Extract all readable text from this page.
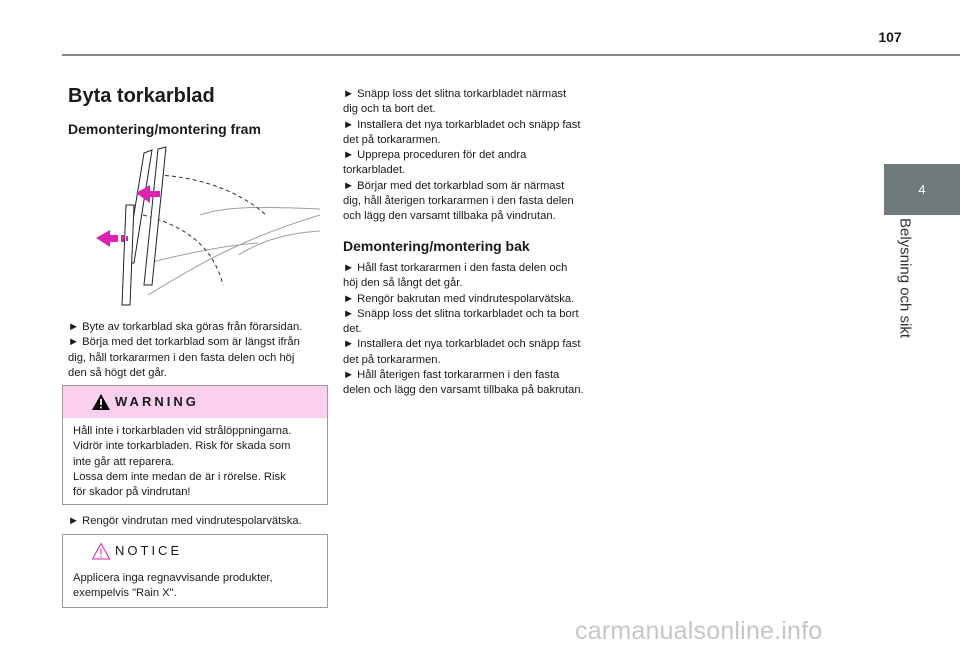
107
4
Belysning och sikt
Byta torkarblad
Demontering/montering fram
► Byte av torkarblad ska göras från förarsidan.
► Börja med det torkarblad som är längst ifrån
dig, håll torkararmen i den fasta delen och höj
den så högt det går.
WARNING
Håll inte i torkarbladen vid strålöppningarna.
Vidrör inte torkarbladen. Risk för skada som
inte går att reparera.
Lossa dem inte medan de är i rörelse. Risk
för skador på vindrutan!
► Rengör vindrutan med vindrutespolarvätska.
NOTICE
Applicera inga regnavvisande produkter,
exempelvis "Rain X".
► Snäpp loss det slitna torkarbladet närmast
dig och ta bort det.
► Installera det nya torkarbladet och snäpp fast
det på torkararmen.
► Upprepa proceduren för det andra
torkarbladet.
► Börjar med det torkarblad som är närmast
dig, håll återigen torkararmen i den fasta delen
och lägg den varsamt tillbaka på vindrutan.
Demontering/montering bak
► Håll fast torkararmen i den fasta delen och
höj den så långt det går.
► Rengör bakrutan med vindrutespolarvätska.
► Snäpp loss det slitna torkarbladet och ta bort
det.
► Installera det nya torkarbladet och snäpp fast
det på torkararmen.
► Håll återigen fast torkararmen i den fasta
delen och lägg den varsamt tillbaka på bakrutan.
carmanualsonline.info
